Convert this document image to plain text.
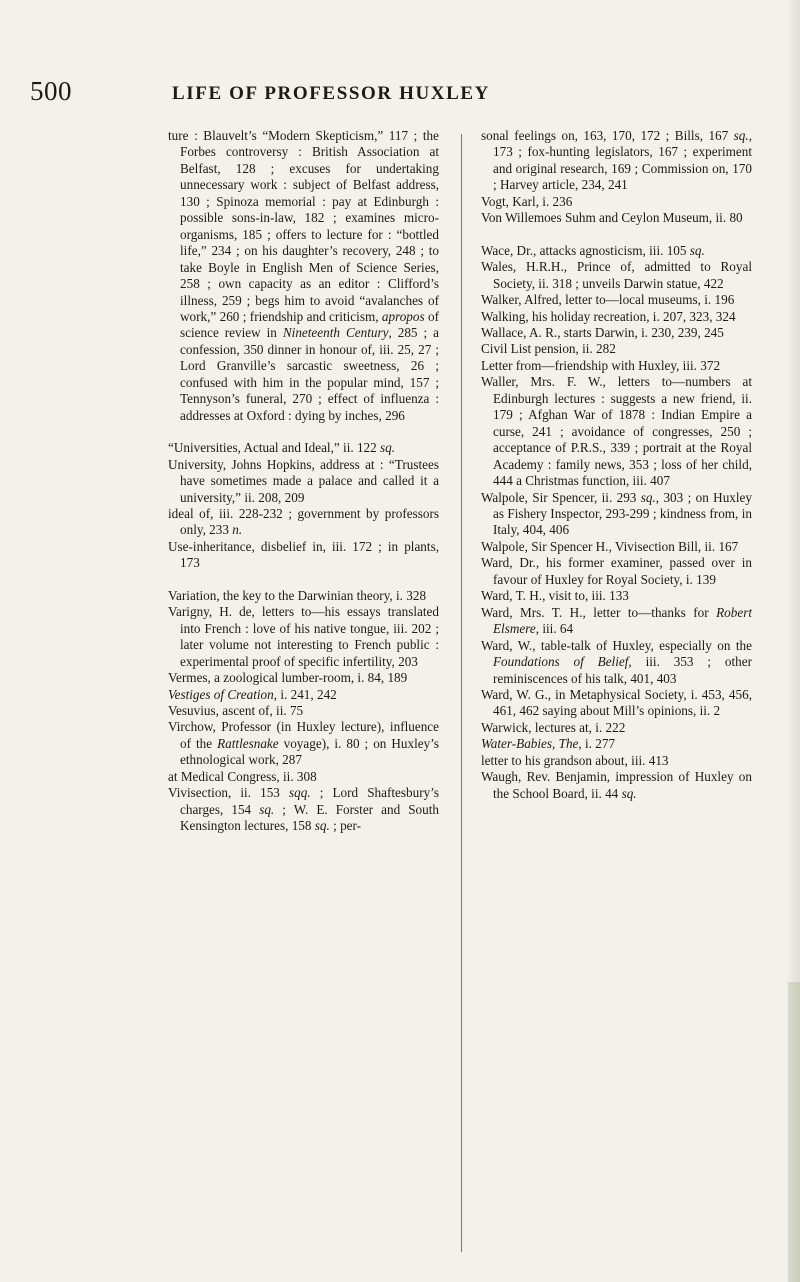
500	LIFE OF PROFESSOR HUXLEY

ture : Blauvelt’s “Modern Skepticism,” 117 ; the Forbes controversy : British Association at Belfast, 128 ; excuses for undertaking unnecessary work : subject of Belfast address, 130 ; Spinoza memorial : pay at Edinburgh : possible sons-in-law, 182 ; examines micro-organisms, 185 ; offers to lecture for : “bottled life,” 234 ; on his daughter’s recovery, 248 ; to take Boyle in English Men of Science Series, 258 ; own capacity as an editor : Clifford’s illness, 259 ; begs him to avoid “avalanches of work,” 260 ; friendship and criticism, apropos of science review in Nineteenth Century, 285 ; a confession, 350 dinner in honour of, iii. 25, 27 ; Lord Granville’s sarcastic sweetness, 26 ; confused with him in the popular mind, 157 ; Tennyson’s funeral, 270 ; effect of influenza : addresses at Oxford : dying by inches, 296

“Universities, Actual and Ideal,” ii. 122 sq.

University, Johns Hopkins, address at : “Trustees have sometimes made a palace and called it a university,” ii. 208, 209

ideal of, iii. 228-232 ; government by professors only, 233 n.

Use-inheritance, disbelief in, iii. 172 ; in plants, 173

Variation, the key to the Darwinian theory, i. 328

Varigny, H. de, letters to—his essays translated into French : love of his native tongue, iii. 202 ; later volume not interesting to French public : experimental proof of specific infertility, 203

Vermes, a zoological lumber-room, i. 84, 189

Vestiges of Creation, i. 241, 242

Vesuvius, ascent of, ii. 75

Virchow, Professor (in Huxley lecture), influence of the Rattlesnake voyage), i. 80 ; on Huxley’s ethnological work, 287

at Medical Congress, ii. 308

Vivisection, ii. 153 sqq. ; Lord Shaftesbury’s charges, 154 sq. ; W. E. Forster and South Kensington lectures, 158 sq. ; per-

sonal feelings on, 163, 170, 172 ; Bills, 167 sq., 173 ; fox-hunting legislators, 167 ; experiment and original research, 169 ; Commission on, 170 ; Harvey article, 234, 241

Vogt, Karl, i. 236

Von Willemoes Suhm and Ceylon Museum, ii. 80

Wace, Dr., attacks agnosticism, iii. 105 sq.

Wales, H.R.H., Prince of, admitted to Royal Society, ii. 318 ; unveils Darwin statue, 422

Walker, Alfred, letter to—local museums, i. 196

Walking, his holiday recreation, i. 207, 323, 324

Wallace, A. R., starts Darwin, i. 230, 239, 245

Civil List pension, ii. 282

Letter from—friendship with Huxley, iii. 372

Waller, Mrs. F. W., letters to—numbers at Edinburgh lectures : suggests a new friend, ii. 179 ; Afghan War of 1878 : Indian Empire a curse, 241 ; avoidance of congresses, 250 ; acceptance of P.R.S., 339 ; portrait at the Royal Academy : family news, 353 ; loss of her child, 444 a Christmas function, iii. 407

Walpole, Sir Spencer, ii. 293 sq., 303 ; on Huxley as Fishery Inspector, 293-299 ; kindness from, in Italy, 404, 406

Walpole, Sir Spencer H., Vivisection Bill, ii. 167

Ward, Dr., his former examiner, passed over in favour of Huxley for Royal Society, i. 139

Ward, T. H., visit to, iii. 133

Ward, Mrs. T. H., letter to—thanks for Robert Elsmere, iii. 64

Ward, W., table-talk of Huxley, especially on the Foundations of Belief, iii. 353 ; other reminiscences of his talk, 401, 403

Ward, W. G., in Metaphysical Society, i. 453, 456, 461, 462 saying about Mill’s opinions, ii. 2

Warwick, lectures at, i. 222

Water-Babies, The, i. 277

letter to his grandson about, iii. 413

Waugh, Rev. Benjamin, impression of Huxley on the School Board, ii. 44 sq.
